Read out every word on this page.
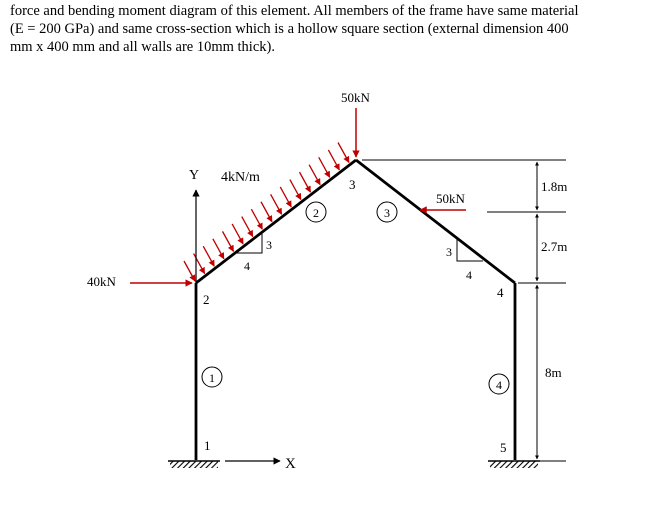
force and bending moment diagram of this element. All members of the frame have same material
(E = 200 GPa) and same cross-section which is a hollow square section (external dimension 400
mm x 400 mm and all walls are 10mm thick).
Y
X
50kN
4kN/m
50kN
40kN
1
2
3
4
5
1
2	3
4
3
4
3
4
1.8m
2.7m
8m
